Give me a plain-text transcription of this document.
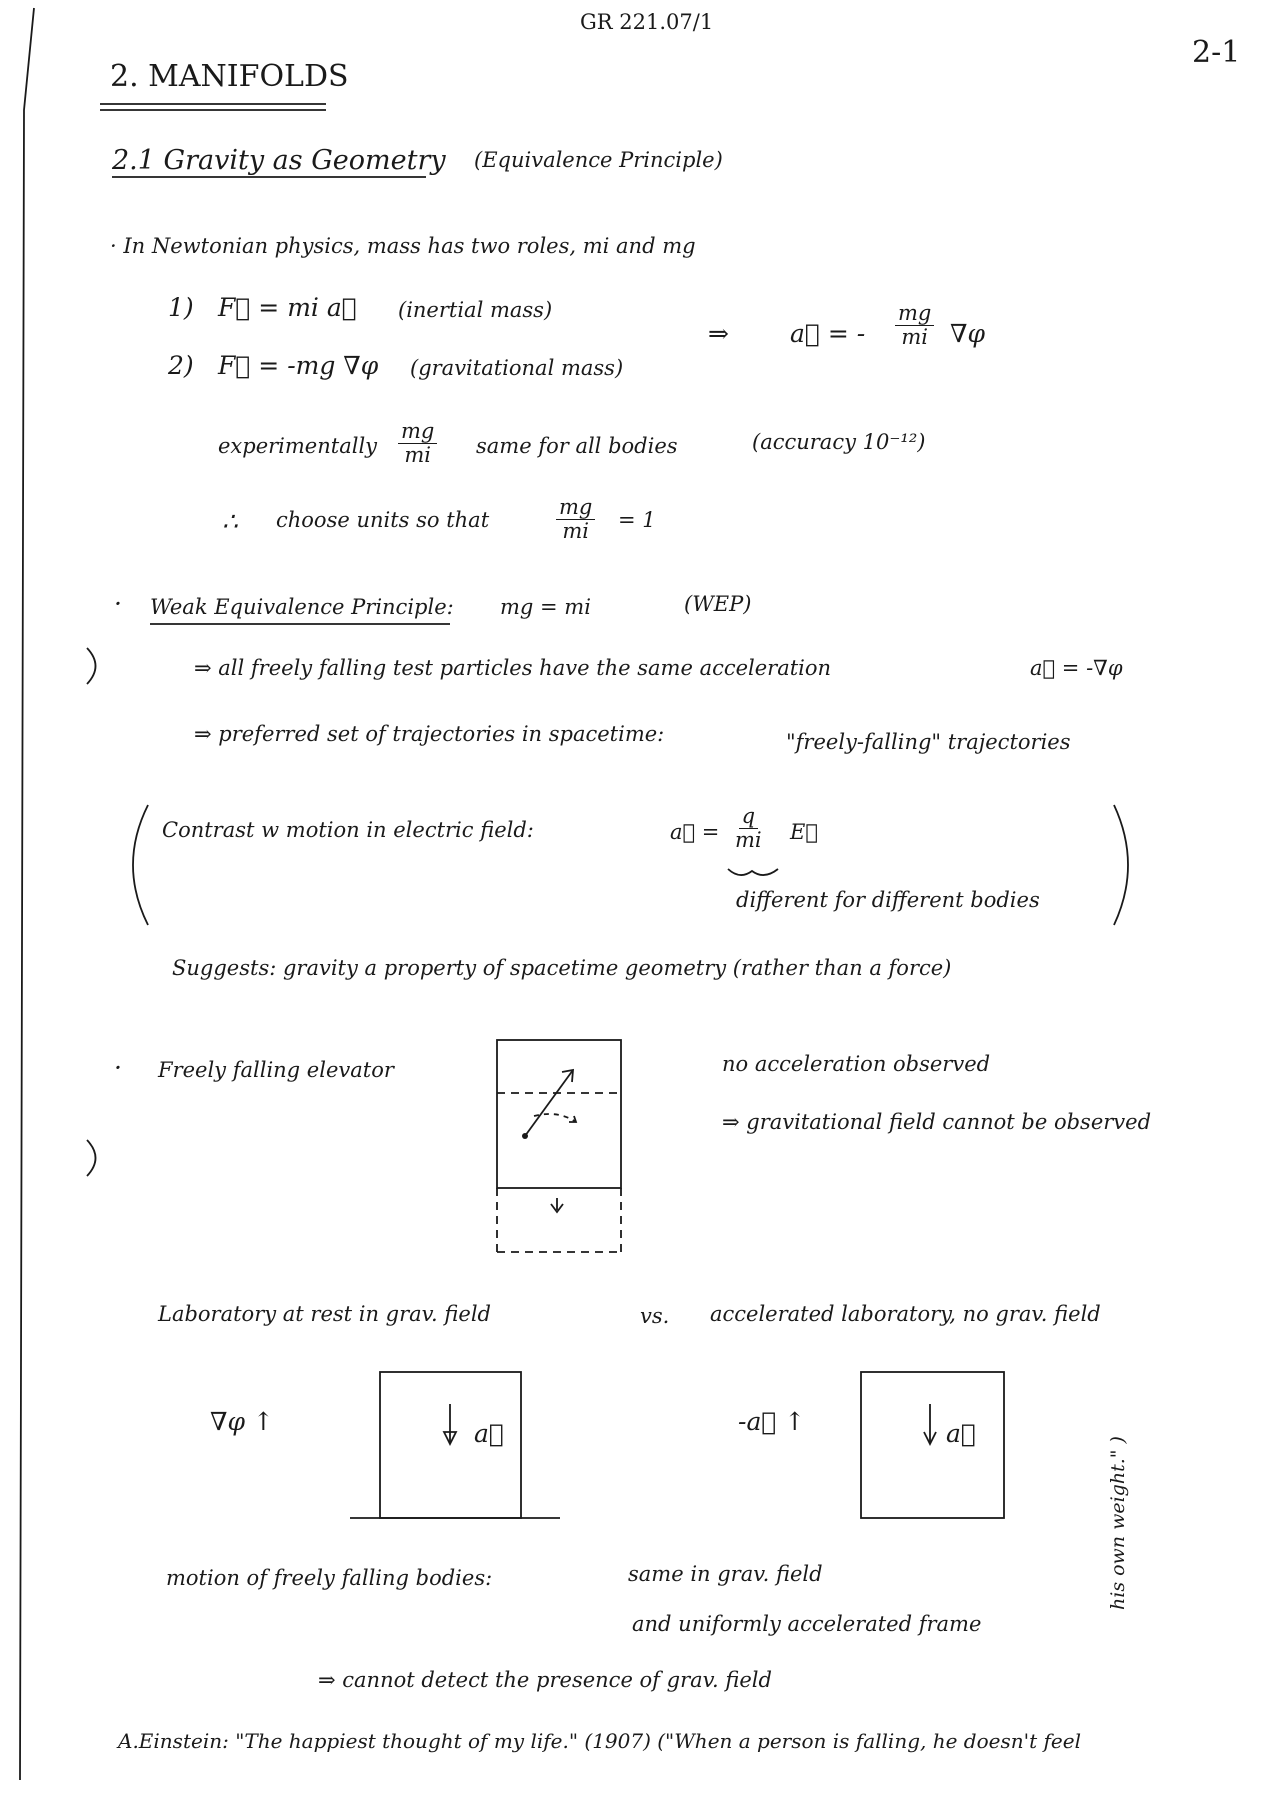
GR 221.07/1
2-1
2. MANIFOLDS
2.1 Gravity as Geometry (Equivalence Principle)
· In Newtonian physics, mass has two roles, mi and mg
1) F⃗ = mi a⃗ (inertial mass)
2) F⃗ = -mg ∇φ (gravitational mass)
⇒ a⃗ = - $\frac{mg}{mi} \nabla\varphi$
experimentally $\frac{mg}{mi}$ same for all bodies	(accuracy 10⁻¹²)
∴ choose units so that	$\frac{mg}{mi} = 1$
· Weak Equivalence Principle: mg = mi	(WEP)
⇒ all freely falling test particles have the same acceleration	a⃗ = -∇φ
⇒ preferred set of trajectories in spacetime:	"freely-falling" trajectories
Contrast w motion in electric field:	a⃗ = $\frac{q}{mi}$ E⃗
different for different bodies
Suggests: gravity a property of spacetime geometry (rather than a force)
· Freely falling elevator	no acceleration observed
⇒ gravitational field cannot be observed
Laboratory at rest in grav. field	vs. accelerated laboratory, no grav. field
∇φ ↑	a⃗	-a⃗ ↑	a⃗
motion of freely falling bodies:	same in grav. field
and uniformly accelerated frame
⇒ cannot detect the presence of grav. field
A.Einstein: "The happiest thought of my life." (1907) ("When a person is falling, he doesn't feel
his own weight." )
